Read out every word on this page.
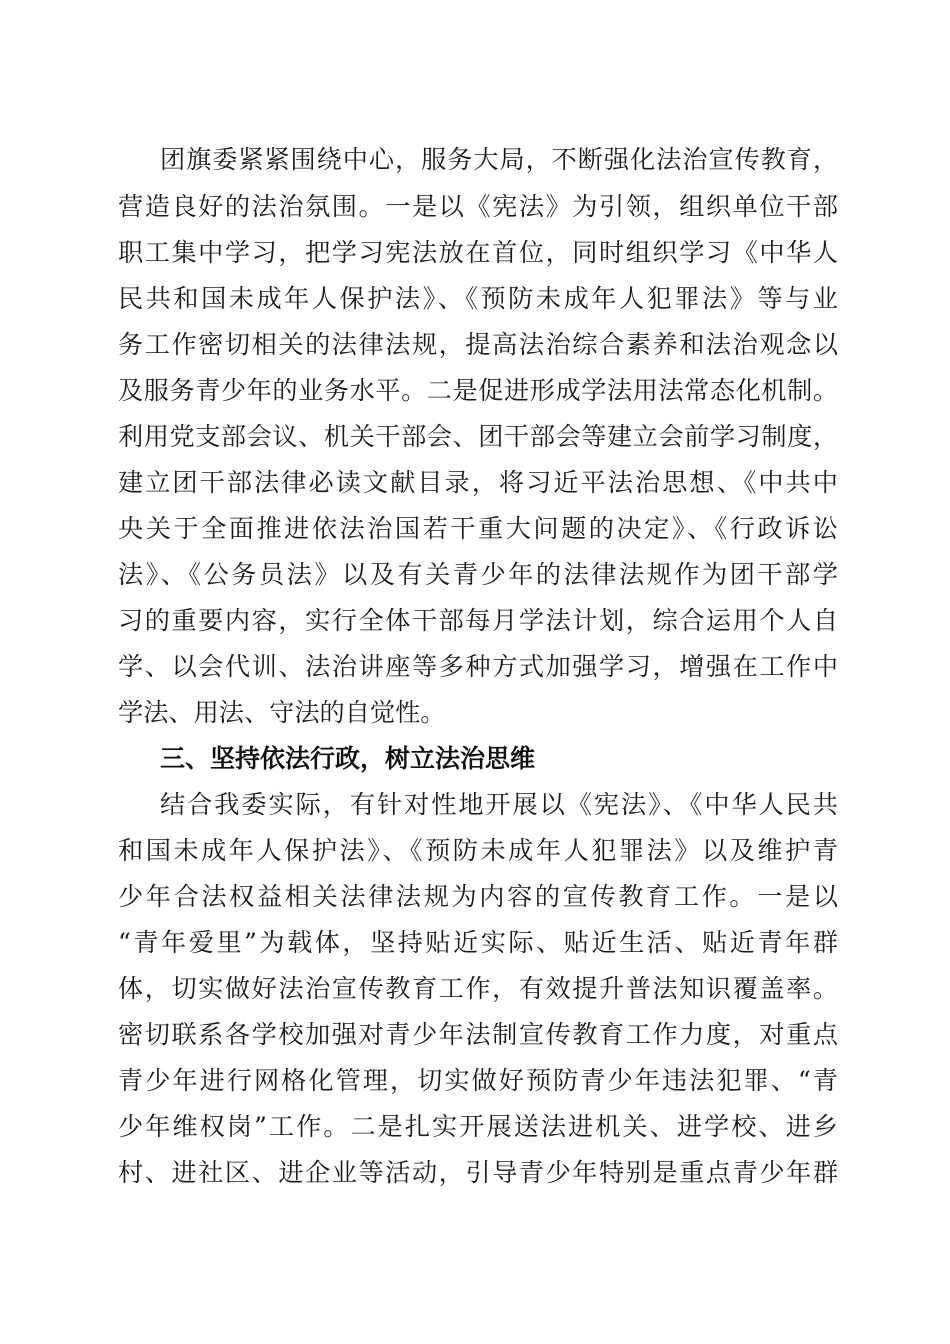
团旗委紧紧围绕中心，服务大局，不断强化法治宣传教育，
营造良好的法治氛围。一是以《宪法》为引领，组织单位干部
职工集中学习，把学习宪法放在首位，同时组织学习《中华人
民共和国未成年人保护法》、《预防未成年人犯罪法》等与业
务工作密切相关的法律法规，提高法治综合素养和法治观念以
及服务青少年的业务水平。二是促进形成学法用法常态化机制。
利用党支部会议、机关干部会、团干部会等建立会前学习制度，
建立团干部法律必读文献目录，将习近平法治思想、《中共中
央关于全面推进依法治国若干重大问题的决定》、《行政诉讼
法》、《公务员法》以及有关青少年的法律法规作为团干部学
习的重要内容，实行全体干部每月学法计划，综合运用个人自
学、以会代训、法治讲座等多种方式加强学习，增强在工作中
学法、用法、守法的自觉性。
三、坚持依法行政，树立法治思维
结合我委实际，有针对性地开展以《宪法》、《中华人民共
和国未成年人保护法》、《预防未成年人犯罪法》以及维护青
少年合法权益相关法律法规为内容的宣传教育工作。一是以
“青年爱里”为载体，坚持贴近实际、贴近生活、贴近青年群
体，切实做好法治宣传教育工作，有效提升普法知识覆盖率。
密切联系各学校加强对青少年法制宣传教育工作力度，对重点
青少年进行网格化管理，切实做好预防青少年违法犯罪、“青
少年维权岗”工作。二是扎实开展送法进机关、进学校、进乡
村、进社区、进企业等活动，引导青少年特别是重点青少年群
